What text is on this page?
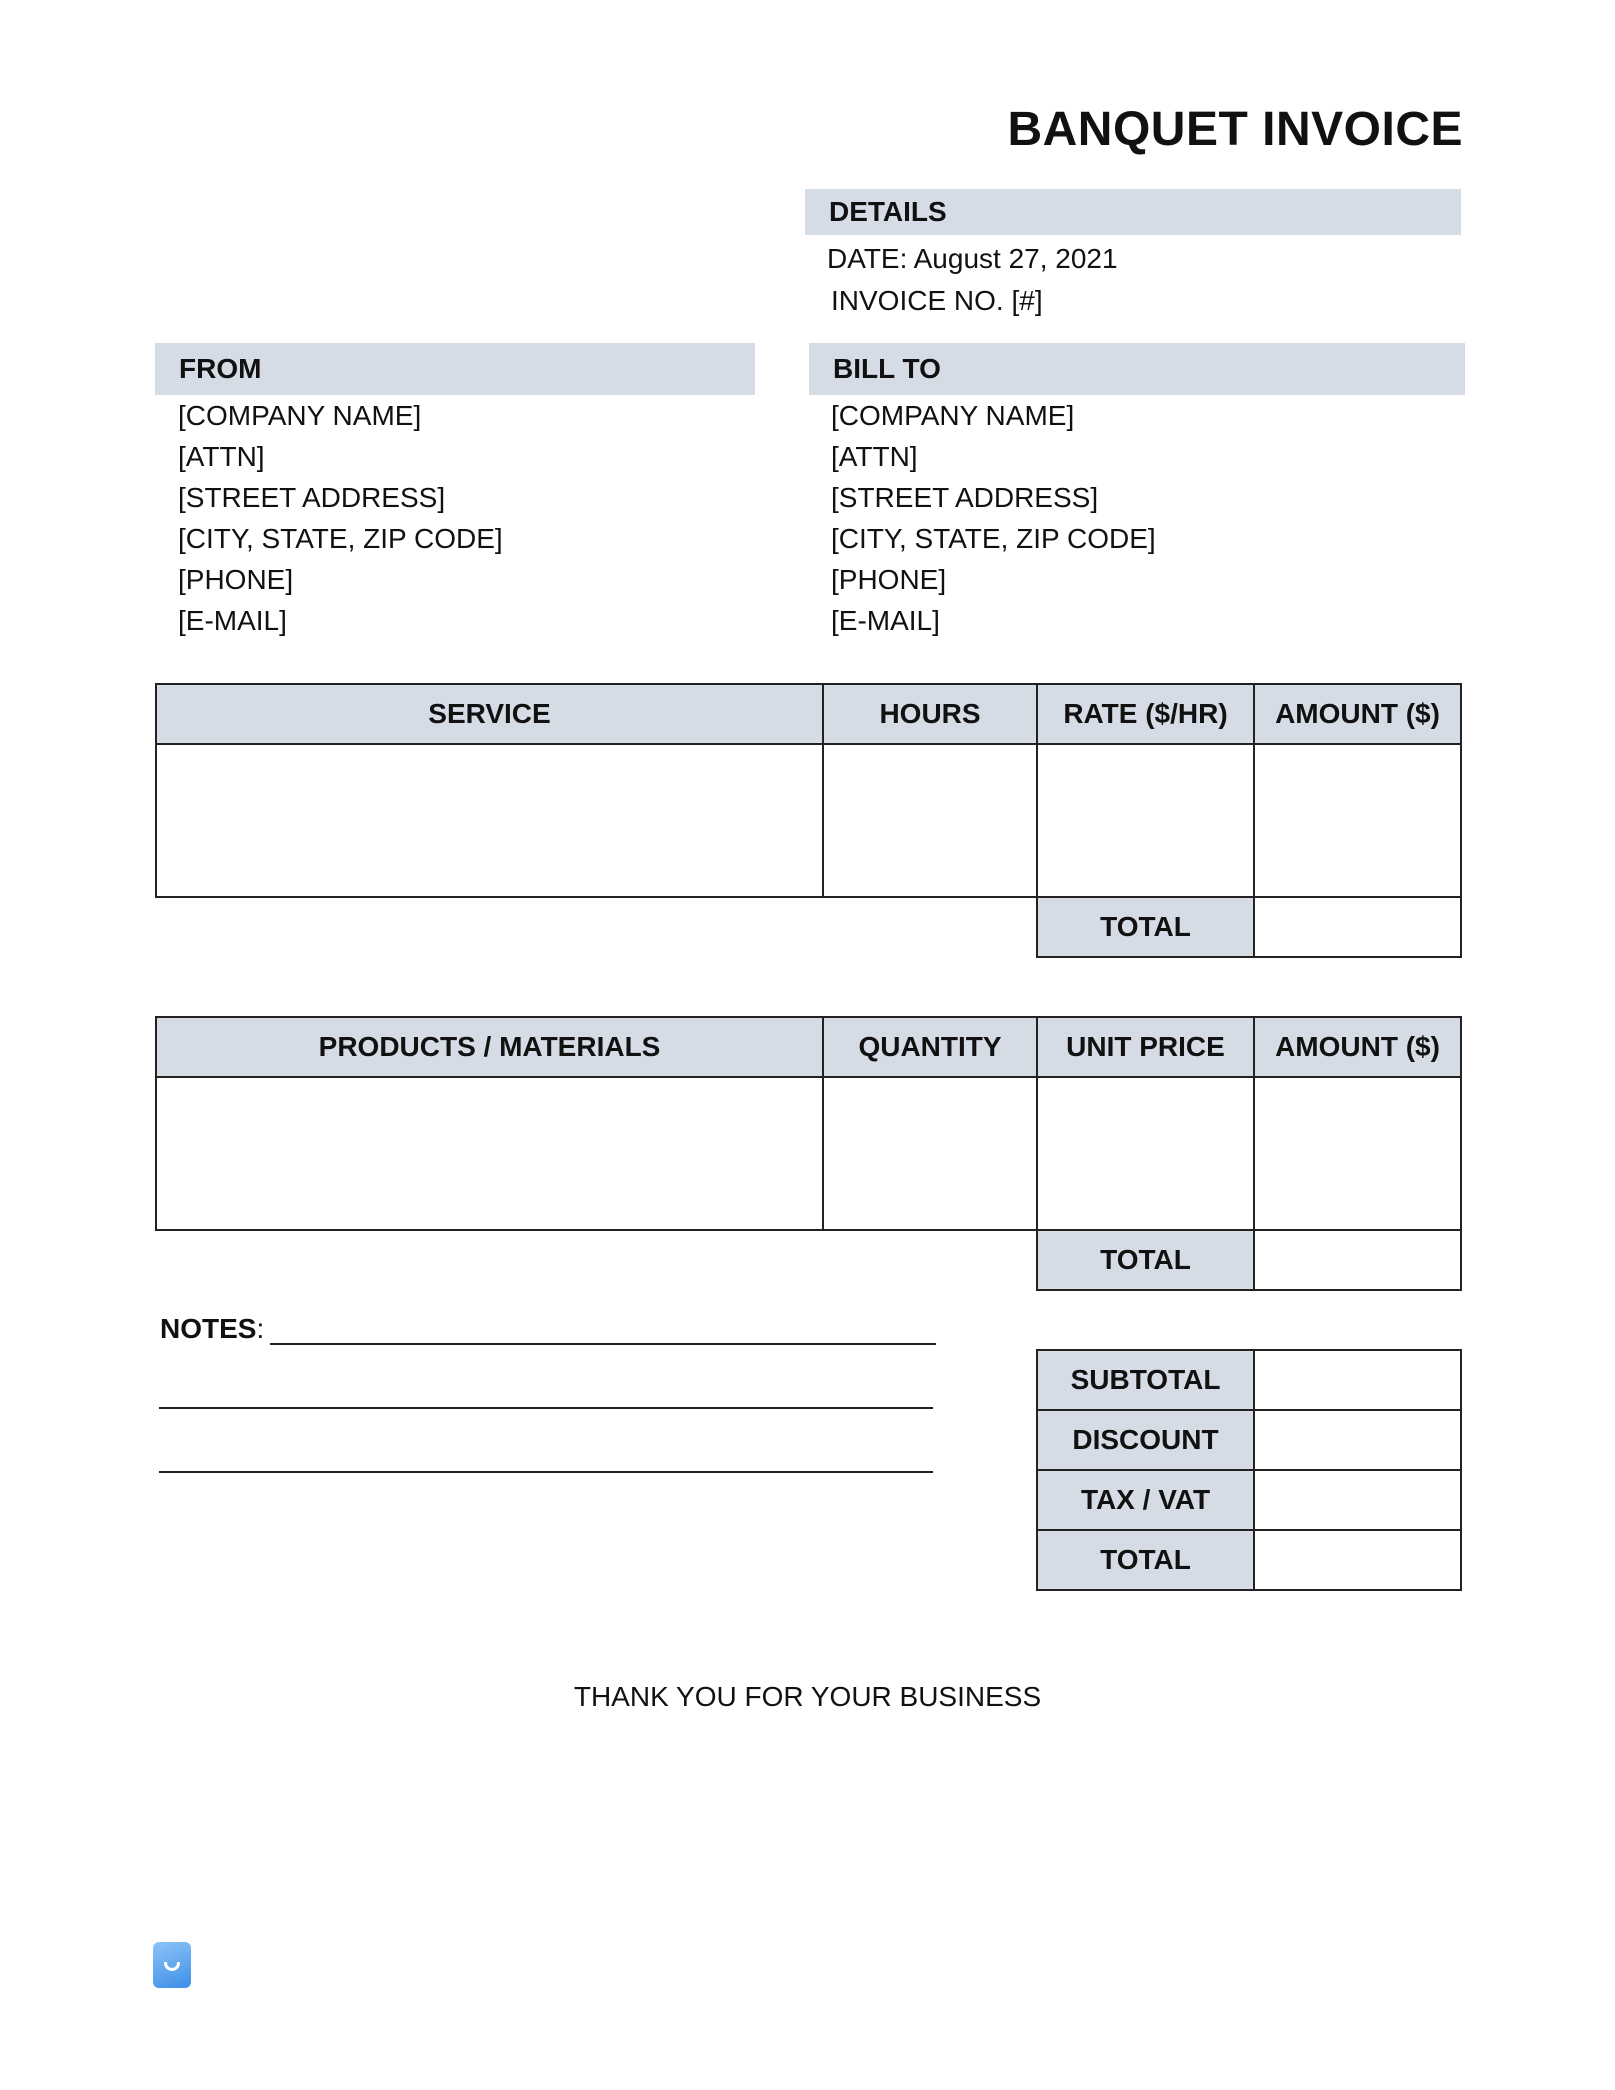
BANQUET INVOICE
DETAILS
DATE: August 27, 2021
INVOICE NO. [#]
FROM
[COMPANY NAME]
[ATTN]
[STREET ADDRESS]
[CITY, STATE, ZIP CODE]
[PHONE]
[E-MAIL]
BILL TO
[COMPANY NAME]
[ATTN]
[STREET ADDRESS]
[CITY, STATE, ZIP CODE]
[PHONE]
[E-MAIL]
SERVICE	HOURS	RATE ($/HR)	AMOUNT ($)

		TOTAL	
PRODUCTS / MATERIALS	QUANTITY	UNIT PRICE	AMOUNT ($)

		TOTAL	
NOTES:
SUBTOTAL	
DISCOUNT	
TAX / VAT	
TOTAL	
THANK YOU FOR YOUR BUSINESS
